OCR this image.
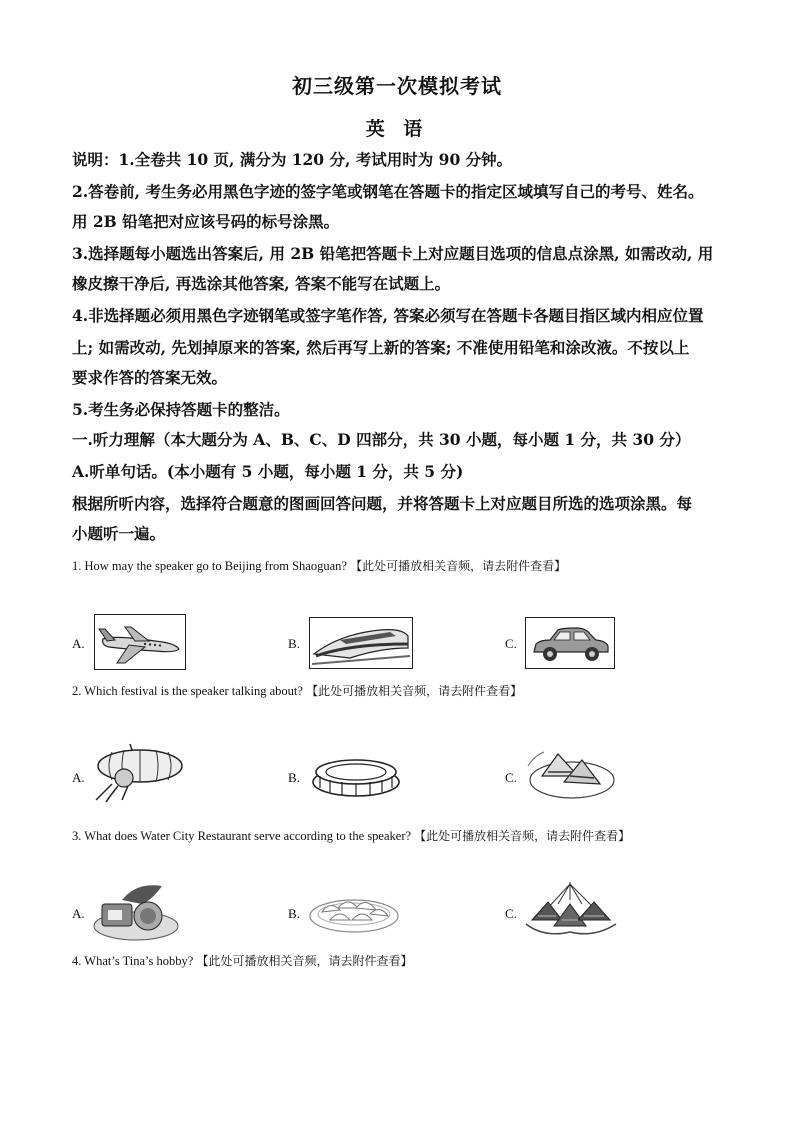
初三级第一次模拟考试
英 语
说明：1.全卷共 10 页, 满分为 120 分, 考试用时为 90 分钟。
2.答卷前, 考生务必用黑色字迹的签字笔或钢笔在答题卡的指定区域填写自己的考号、姓名。
用 2B 铅笔把对应该号码的标号涂黑。
3.选择题每小题选出答案后, 用 2B 铅笔把答题卡上对应题目选项的信息点涂黑, 如需改动, 用
橡皮擦干净后, 再选涂其他答案, 答案不能写在试题上。
4.非选择题必须用黑色字迹钢笔或签字笔作答, 答案必须写在答题卡各题目指区域内相应位置
上; 如需改动, 先划掉原来的答案, 然后再写上新的答案; 不准使用铅笔和涂改液。不按以上
要求作答的答案无效。
5.考生务必保持答题卡的整洁。
一.听力理解（本大题分为 A、B、C、D 四部分，共 30 小题，每小题 1 分，共 30 分）
A.听单句话。(本小题有 5 小题，每小题 1 分，共 5 分)
根据所听内容，选择符合题意的图画回答问题，并将答题卡上对应题目所选的选项涂黑。每
小题听一遍。
1. How may the speaker go to Beijing from Shaoguan? 【此处可播放相关音频，请去附件查看】
A.	B.	C.
2. Which festival is the speaker talking about? 【此处可播放相关音频，请去附件查看】
A.	B.	C.
3. What does Water City Restaurant serve according to the speaker? 【此处可播放相关音频，请去附件查看】
A.	B.	C.
4. What’s Tina’s hobby? 【此处可播放相关音频，请去附件查看】
